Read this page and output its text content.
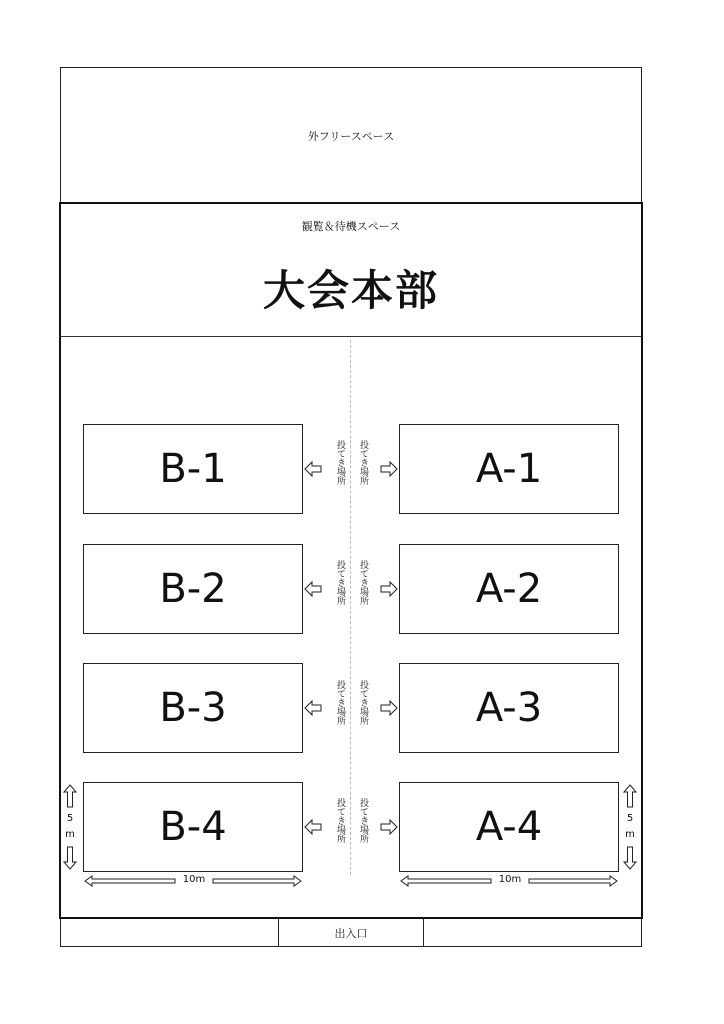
外フリースペース
観覧＆待機スペース
大会本部
B-1	A-1
投てき場所 投てき場所
B-2	A-2
投てき場所 投てき場所
B-3	A-3
投てき場所 投てき場所
B-4	A-4
投てき場所 投てき場所
5
m
5
m
10m	10m
出入口
